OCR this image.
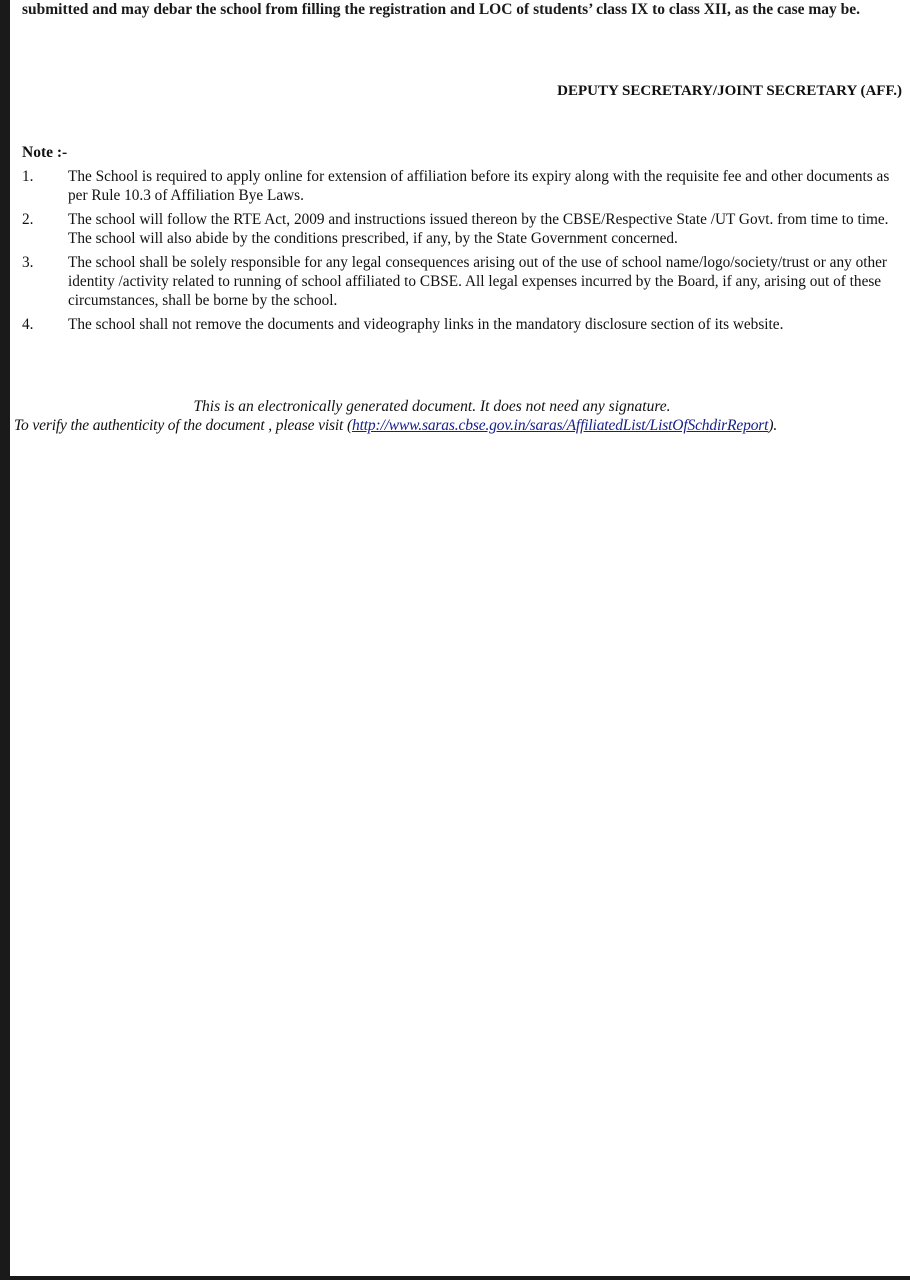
submitted and may debar the school from filling the registration and LOC of students’ class IX to class XII, as the case may be.
DEPUTY SECRETARY/JOINT SECRETARY (AFF.)
Note :-
1.	The School is required to apply online for extension of affiliation before its expiry along with the requisite fee and other documents as per Rule 10.3 of Affiliation Bye Laws.
2.	The school will follow the RTE Act, 2009 and instructions issued thereon by the CBSE/Respective State /UT Govt. from time to time. The school will also abide by the conditions prescribed, if any, by the State Government concerned.
3.	The school shall be solely responsible for any legal consequences arising out of the use of school name/logo/society/trust or any other identity /activity related to running of school affiliated to CBSE. All legal expenses incurred by the Board, if any, arising out of these circumstances, shall be borne by the school.
4.	The school shall not remove the documents and videography links in the mandatory disclosure section of its website.
This is an electronically generated document. It does not need any signature.
To verify the authenticity of the document , please visit (http://www.saras.cbse.gov.in/saras/AffiliatedList/ListOfSchdirReport).
